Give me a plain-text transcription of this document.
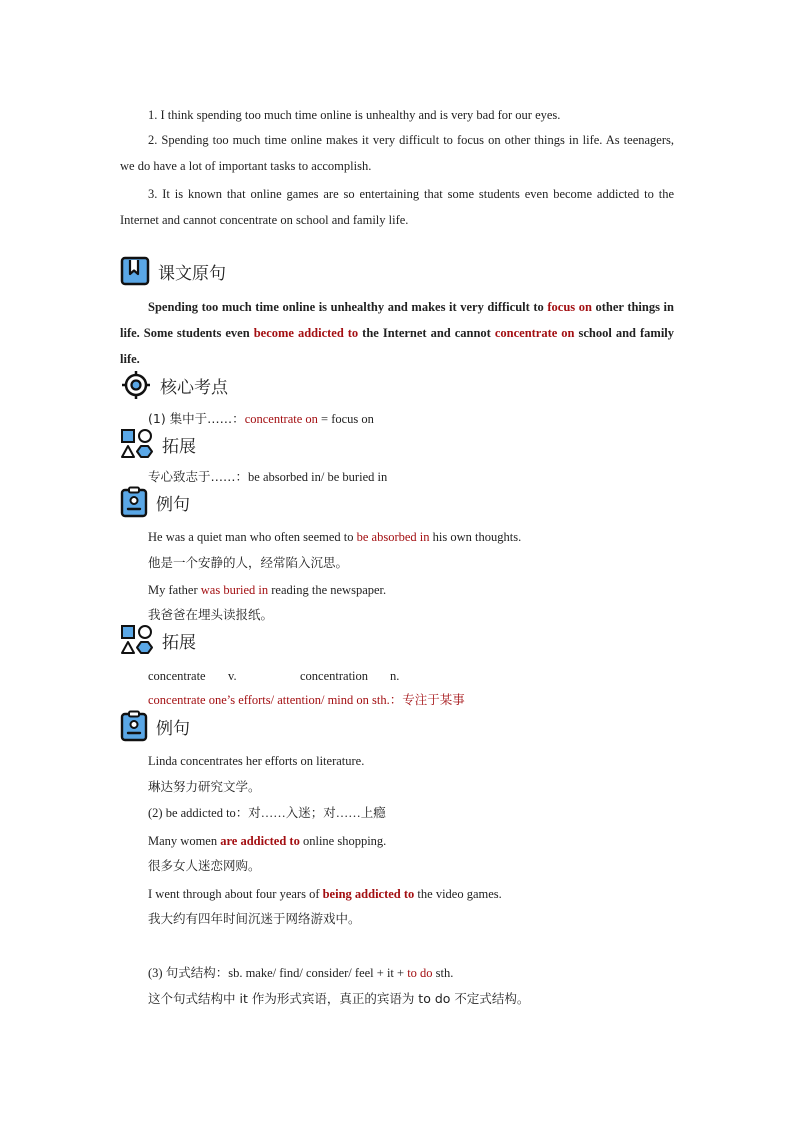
1. I think spending too much time online is unhealthy and is very bad for our eyes.
2. Spending too much time online makes it very difficult to focus on other things in life. As teenagers, we do have a lot of important tasks to accomplish.
3. It is known that online games are so entertaining that some students even become addicted to the Internet and cannot concentrate on school and family life.
课文原句
Spending too much time online is unhealthy and makes it very difficult to focus on other things in life. Some students even become addicted to the Internet and cannot concentrate on school and family life.
核心考点
(1) 集中于……：concentrate on = focus on
拓展
专心致志于……：be absorbed in/ be buried in
例句
He was a quiet man who often seemed to be absorbed in his own thoughts.
他是一个安静的人，经常陷入沉思。
My father was buried in reading the newspaper.
我爸爸在埋头读报纸。
拓展
concentrate v.	concentration n.
concentrate one’s efforts/ attention/ mind on sth.：专注于某事
例句
Linda concentrates her efforts on literature.
琳达努力研究文学。
(2) be addicted to：对……入迷；对……上瘾
Many women are addicted to online shopping.
很多女人迷恋网购。
I went through about four years of being addicted to the video games.
我大约有四年时间沉迷于网络游戏中。
(3) 句式结构：sb. make/ find/ consider/ feel + it + to do sth.
这个句式结构中 it 作为形式宾语，真正的宾语为 to do 不定式结构。
